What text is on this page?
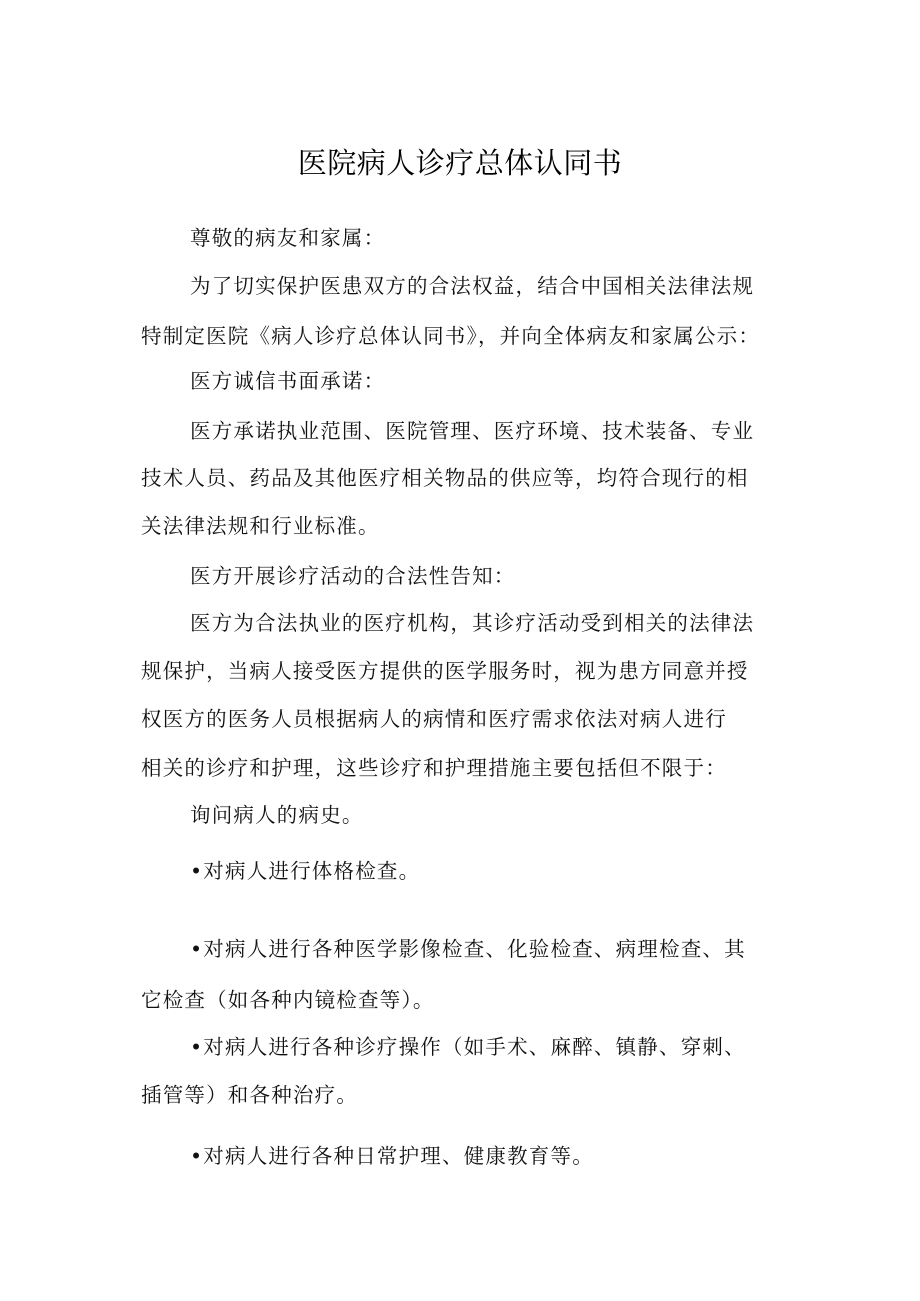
医院病人诊疗总体认同书
尊敬的病友和家属：
为了切实保护医患双方的合法权益，结合中国相关法律法规
特制定医院《病人诊疗总体认同书》，并向全体病友和家属公示：
医方诚信书面承诺：
医方承诺执业范围、医院管理、医疗环境、技术装备、专业
技术人员、药品及其他医疗相关物品的供应等，均符合现行的相
关法律法规和行业标准。
医方开展诊疗活动的合法性告知：
医方为合法执业的医疗机构，其诊疗活动受到相关的法律法
规保护，当病人接受医方提供的医学服务时，视为患方同意并授
权医方的医务人员根据病人的病情和医疗需求依法对病人进行
相关的诊疗和护理，这些诊疗和护理措施主要包括但不限于：
询问病人的病史。
•对病人进行体格检查。
•对病人进行各种医学影像检查、化验检查、病理检查、其
它检查（如各种内镜检查等）。
•对病人进行各种诊疗操作（如手术、麻醉、镇静、穿刺、
插管等）和各种治疗。
•对病人进行各种日常护理、健康教育等。
